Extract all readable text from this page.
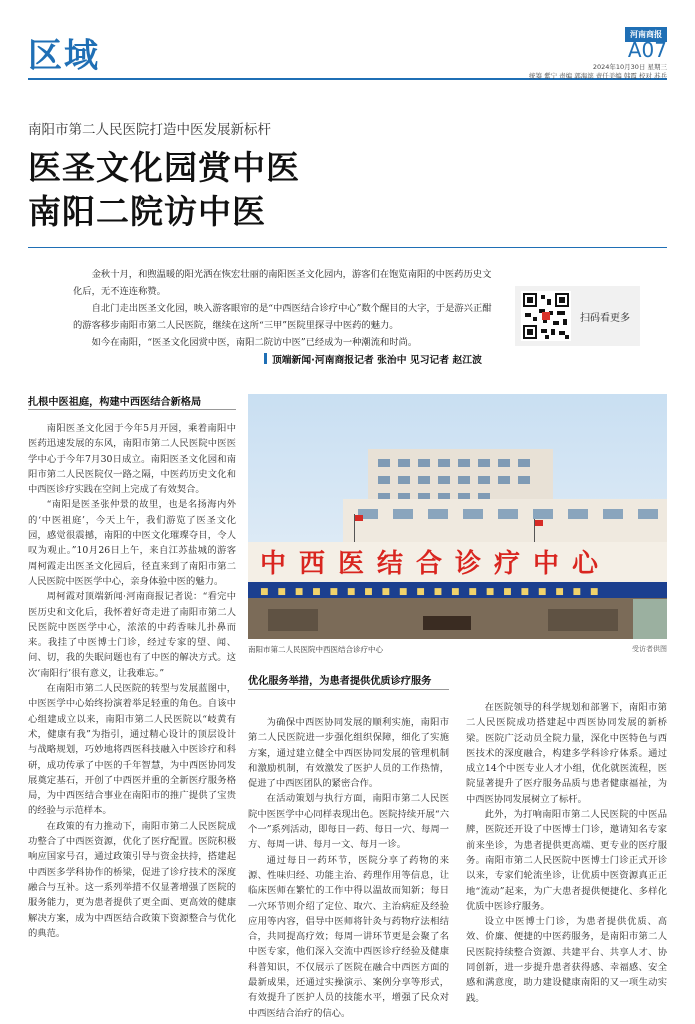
区域
河南商报
A07
2024年10月30日 星期三
统筹 紫宁 责编 郭海滨 责任美编 韩霞 校对 苏兵
南阳市第二人民医院打造中医发展新标杆
医圣文化园赏中医
南阳二院访中医

金秋十月，和煦温暖的阳光洒在恢宏壮丽的南阳医圣文化园内，游客们在饱览南阳的中医药历史文化后，无不连连称赞。

自北门走出医圣文化园，映入游客眼帘的是“中西医结合诊疗中心”数个醒目的大字，于是游兴正酣的游客移步南阳市第二人民医院，继续在这所“三甲”医院里探寻中医药的魅力。

如今在南阳，“医圣文化园赏中医，南阳二院访中医”已经成为一种潮流和时尚。

扫码看更多
顶端新闻·河南商报记者 张治中 见习记者 赵江波
扎根中医祖庭，构建中西医结合新格局

南阳医圣文化园于今年5月开园，乘着南阳中医药迅速发展的东风，南阳市第二人民医院中医医学中心于今年7月30日成立。南阳医圣文化园和南阳市第二人民医院仅一路之隔，中医药历史文化和中西医诊疗实践在空间上完成了有效契合。

“南阳是医圣张仲景的故里，也是名扬海内外的‘中医祖庭’，今天上午，我们游览了医圣文化园，感觉很震撼，南阳的中医文化璀璨夺目，令人叹为观止。”10月26日上午，来自江苏盐城的游客周柯霞走出医圣文化园后，径直来到了南阳市第二人民医院中医医学中心，亲身体验中医的魅力。

周柯霞对顶端新闻·河南商报记者说：“看完中医历史和文化后，我怀着好奇走进了南阳市第二人民医院中医医学中心，浓浓的中药香味儿扑鼻而来。我挂了中医博士门诊，经过专家的望、闻、问、切，我的失眠问题也有了中医的解决方式。这次‘南阳行’很有意义，让我难忘。”

在南阳市第二人民医院的转型与发展蓝图中，中医医学中心始终扮演着举足轻重的角色。自该中心组建成立以来，南阳市第二人民医院以“岐黄有术，健康有我”为指引，通过精心设计的顶层设计与战略规划，巧妙地将西医科技融入中医诊疗和科研，成功传承了中医的千年智慧，为中西医协同发展奠定基石，开创了中西医并重的全新医疗服务格局，为中西医结合事业在南阳市的推广提供了宝贵的经验与示范样本。

在政策的有力推动下，南阳市第二人民医院成功整合了中西医资源，优化了医疗配置。医院积极响应国家号召，通过政策引导与资金扶持，搭建起中西医多学科协作的桥梁，促进了诊疗技术的深度融合与互补。这一系列举措不仅显著增强了医院的服务能力，更为患者提供了更全面、更高效的健康解决方案，成为中西医结合政策下资源整合与优化的典范。

中西医结合诊疗中心
■ ■ ■ ■ ■ ■ ■ ■ ■ ■ ■ ■ ■ ■ ■ ■ ■ ■ ■ ■
南阳市第二人民医院中西医结合诊疗中心	受访者供图
优化服务举措，为患者提供优质诊疗服务

为确保中西医协同发展的顺利实施，南阳市第二人民医院进一步强化组织保障，细化了实施方案，通过建立健全中西医协同发展的管理机制和激励机制，有效激发了医护人员的工作热情，促进了中西医团队的紧密合作。

在活动策划与执行方面，南阳市第二人民医院中医医学中心同样表现出色。医院持续开展“六个一”系列活动，即每日一药、每日一穴、每周一方、每周一讲、每月一文、每月一诊。

通过每日一药环节，医院分享了药物的来源、性味归经、功能主治、药理作用等信息，让临床医师在繁忙的工作中得以温故而知新；每日一穴环节则介绍了定位、取穴、主治病症及经验应用等内容，倡导中医师将针灸与药物疗法相结合，共同提高疗效；每周一讲环节更是会聚了名中医专家，他们深入交流中西医诊疗经验及健康科普知识，不仅展示了医院在融合中西医方面的最新成果，还通过实操演示、案例分享等形式，有效提升了医护人员的技能水平，增强了民众对中西医结合治疗的信心。

在医院领导的科学规划和部署下，南阳市第二人民医院成功搭建起中西医协同发展的新桥梁。医院广泛动员全院力量，深化中医特色与西医技术的深度融合，构建多学科诊疗体系。通过成立14个中医专业人才小组，优化就医流程，医院显著提升了医疗服务品质与患者健康福祉，为中西医协同发展树立了标杆。

此外，为打响南阳市第二人民医院的中医品牌，医院还开设了中医博士门诊，邀请知名专家前来坐诊，为患者提供更高端、更专业的医疗服务。南阳市第二人民医院中医博士门诊正式开诊以来，专家们轮流坐诊，让优质中医资源真正正地“流动”起来，为广大患者提供便捷化、多样化优质中医诊疗服务。

设立中医博士门诊，为患者提供优质、高效、价廉、便捷的中医药服务，是南阳市第二人民医院持续整合资源、共建平台、共享人才、协同创新，进一步提升患者获得感、幸福感、安全感和满意度，助力建设健康南阳的又一项生动实践。
